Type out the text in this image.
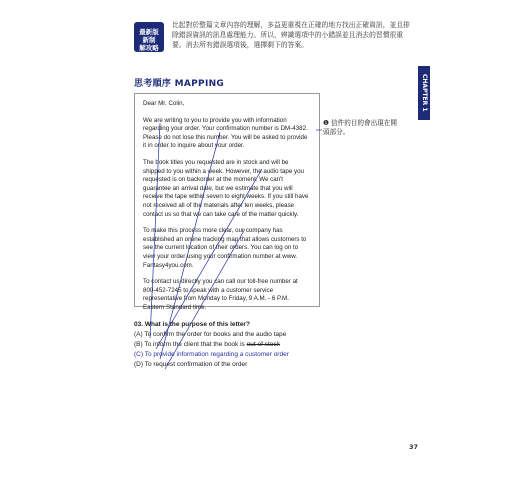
最新版
新制
解攻略
比起對於整篇文章內容的理解，多益更重視在正確的地方找出正確資訊，並且排除錯誤資訊的訊息處理能力。所以，辨識選項中的小錯誤並且消去的習慣很重要。消去所有錯誤選項後，選擇剩下的答案。
思考順序 MAPPING	CHAPTER 1

Dear Mr. Colin,

We are writing to you to provide you with information regarding your order. Your confirmation number is DM-4382. Please do not lose this number. You will be asked to provide it in order to inquire about your order.

The book titles you requested are in stock and will be shipped to you within a week. However, the audio tape you requested is on backorder at the moment. We can't guarantee an arrival date, but we estimate that you will receive the tape within seven to eight weeks. If you still have not received all of the materials after ten weeks, please contact us so that we can take care of the matter quickly.

To make this process more clear, our company has established an online tracking map that allows customers to see the current location of their orders. You can log on to view your order using your confirmation number at www. Fantasy4you.com.

To contact us directly you can call our toll-free number at 800-452-7245 to speak with a customer service representative from Monday to Friday, 9 A.M. - 6 P.M. Eastern Standard time.

❶ 信件的目的會出現在開頭部分。
03. What is the purpose of this letter?
(A) To confirm the order for books and the audio tape
(B) To inform the client that the book is out of stock
(C) To provide information regarding a customer order
(D) To request confirmation of the order
37
